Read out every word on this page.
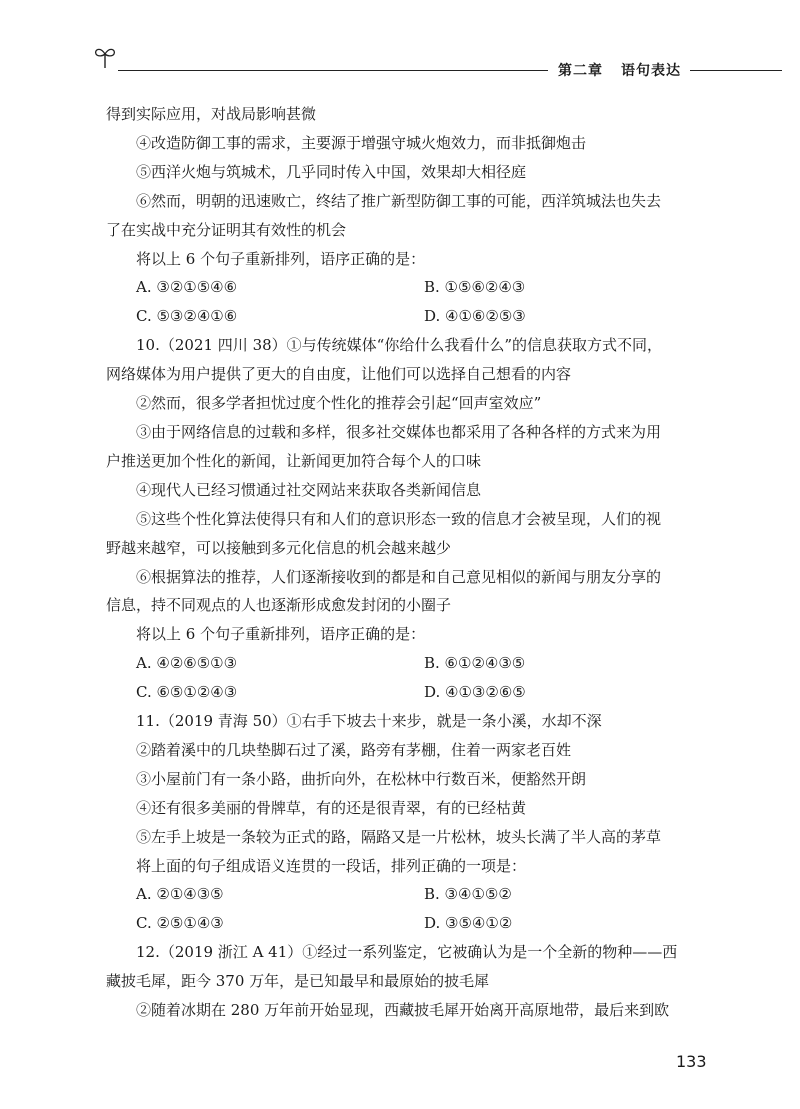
第二章 语句表达

得到实际应用，对战局影响甚微

④改造防御工事的需求，主要源于增强守城火炮效力，而非抵御炮击

⑤西洋火炮与筑城术，几乎同时传入中国，效果却大相径庭

⑥然而，明朝的迅速败亡，终结了推广新型防御工事的可能，西洋筑城法也失去

了在实战中充分证明其有效性的机会

将以上 6 个句子重新排列，语序正确的是：

A. ③②①⑤④⑥	B. ①⑤⑥②④③
C. ⑤③②④①⑥	D. ④①⑥②⑤③

10.（2021 四川 38）①与传统媒体“你给什么我看什么”的信息获取方式不同，

网络媒体为用户提供了更大的自由度，让他们可以选择自己想看的内容

②然而，很多学者担忧过度个性化的推荐会引起“回声室效应”

③由于网络信息的过载和多样，很多社交媒体也都采用了各种各样的方式来为用

户推送更加个性化的新闻，让新闻更加符合每个人的口味

④现代人已经习惯通过社交网站来获取各类新闻信息

⑤这些个性化算法使得只有和人们的意识形态一致的信息才会被呈现，人们的视

野越来越窄，可以接触到多元化信息的机会越来越少

⑥根据算法的推荐，人们逐渐接收到的都是和自己意见相似的新闻与朋友分享的

信息，持不同观点的人也逐渐形成愈发封闭的小圈子

将以上 6 个句子重新排列，语序正确的是：

A. ④②⑥⑤①③	B. ⑥①②④③⑤
C. ⑥⑤①②④③	D. ④①③②⑥⑤

11.（2019 青海 50）①右手下坡去十来步，就是一条小溪，水却不深

②踏着溪中的几块垫脚石过了溪，路旁有茅棚，住着一两家老百姓

③小屋前门有一条小路，曲折向外，在松林中行数百米，便豁然开朗

④还有很多美丽的骨牌草，有的还是很青翠，有的已经枯黄

⑤左手上坡是一条较为正式的路，隔路又是一片松林，坡头长满了半人高的茅草

将上面的句子组成语义连贯的一段话，排列正确的一项是：

A. ②①④③⑤	B. ③④①⑤②
C. ②⑤①④③	D. ③⑤④①②

12.（2019 浙江 A 41）①经过一系列鉴定，它被确认为是一个全新的物种——西

藏披毛犀，距今 370 万年，是已知最早和最原始的披毛犀

②随着冰期在 280 万年前开始显现，西藏披毛犀开始离开高原地带，最后来到欧

133
